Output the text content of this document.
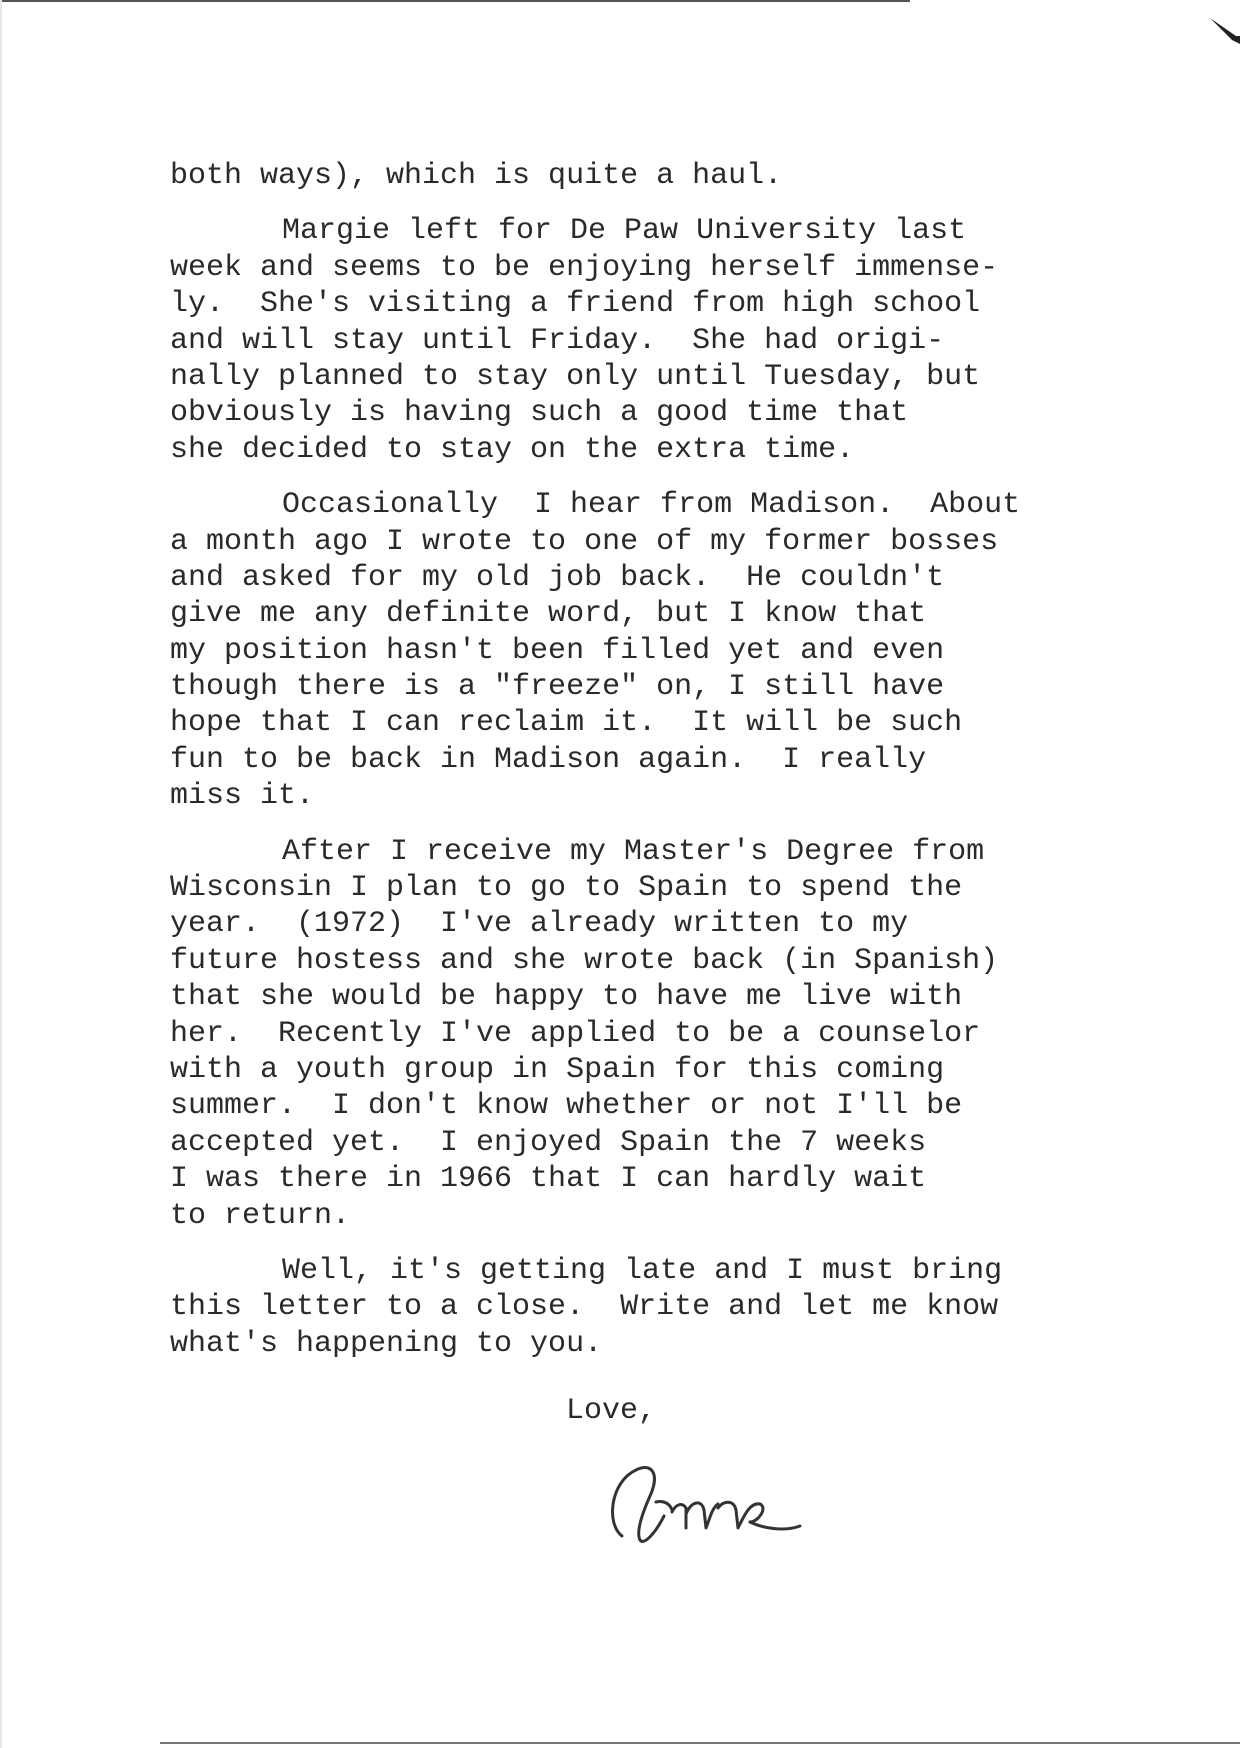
both ways), which is quite a haul.
Margie left for De Paw University last
week and seems to be enjoying herself immense-
ly.  She's visiting a friend from high school
and will stay until Friday.  She had origi-
nally planned to stay only until Tuesday, but
obviously is having such a good time that
she decided to stay on the extra time.
Occasionally  I hear from Madison.  About
a month ago I wrote to one of my former bosses
and asked for my old job back.  He couldn't
give me any definite word, but I know that
my position hasn't been filled yet and even
though there is a "freeze" on, I still have
hope that I can reclaim it.  It will be such
fun to be back in Madison again.  I really
miss it.
After I receive my Master's Degree from
Wisconsin I plan to go to Spain to spend the
year.  (1972)  I've already written to my
future hostess and she wrote back (in Spanish)
that she would be happy to have me live with
her.  Recently I've applied to be a counselor
with a youth group in Spain for this coming
summer.  I don't know whether or not I'll be
accepted yet.  I enjoyed Spain the 7 weeks
I was there in 1966 that I can hardly wait
to return.
Well, it's getting late and I must bring
this letter to a close.  Write and let me know
what's happening to you.
Love,
